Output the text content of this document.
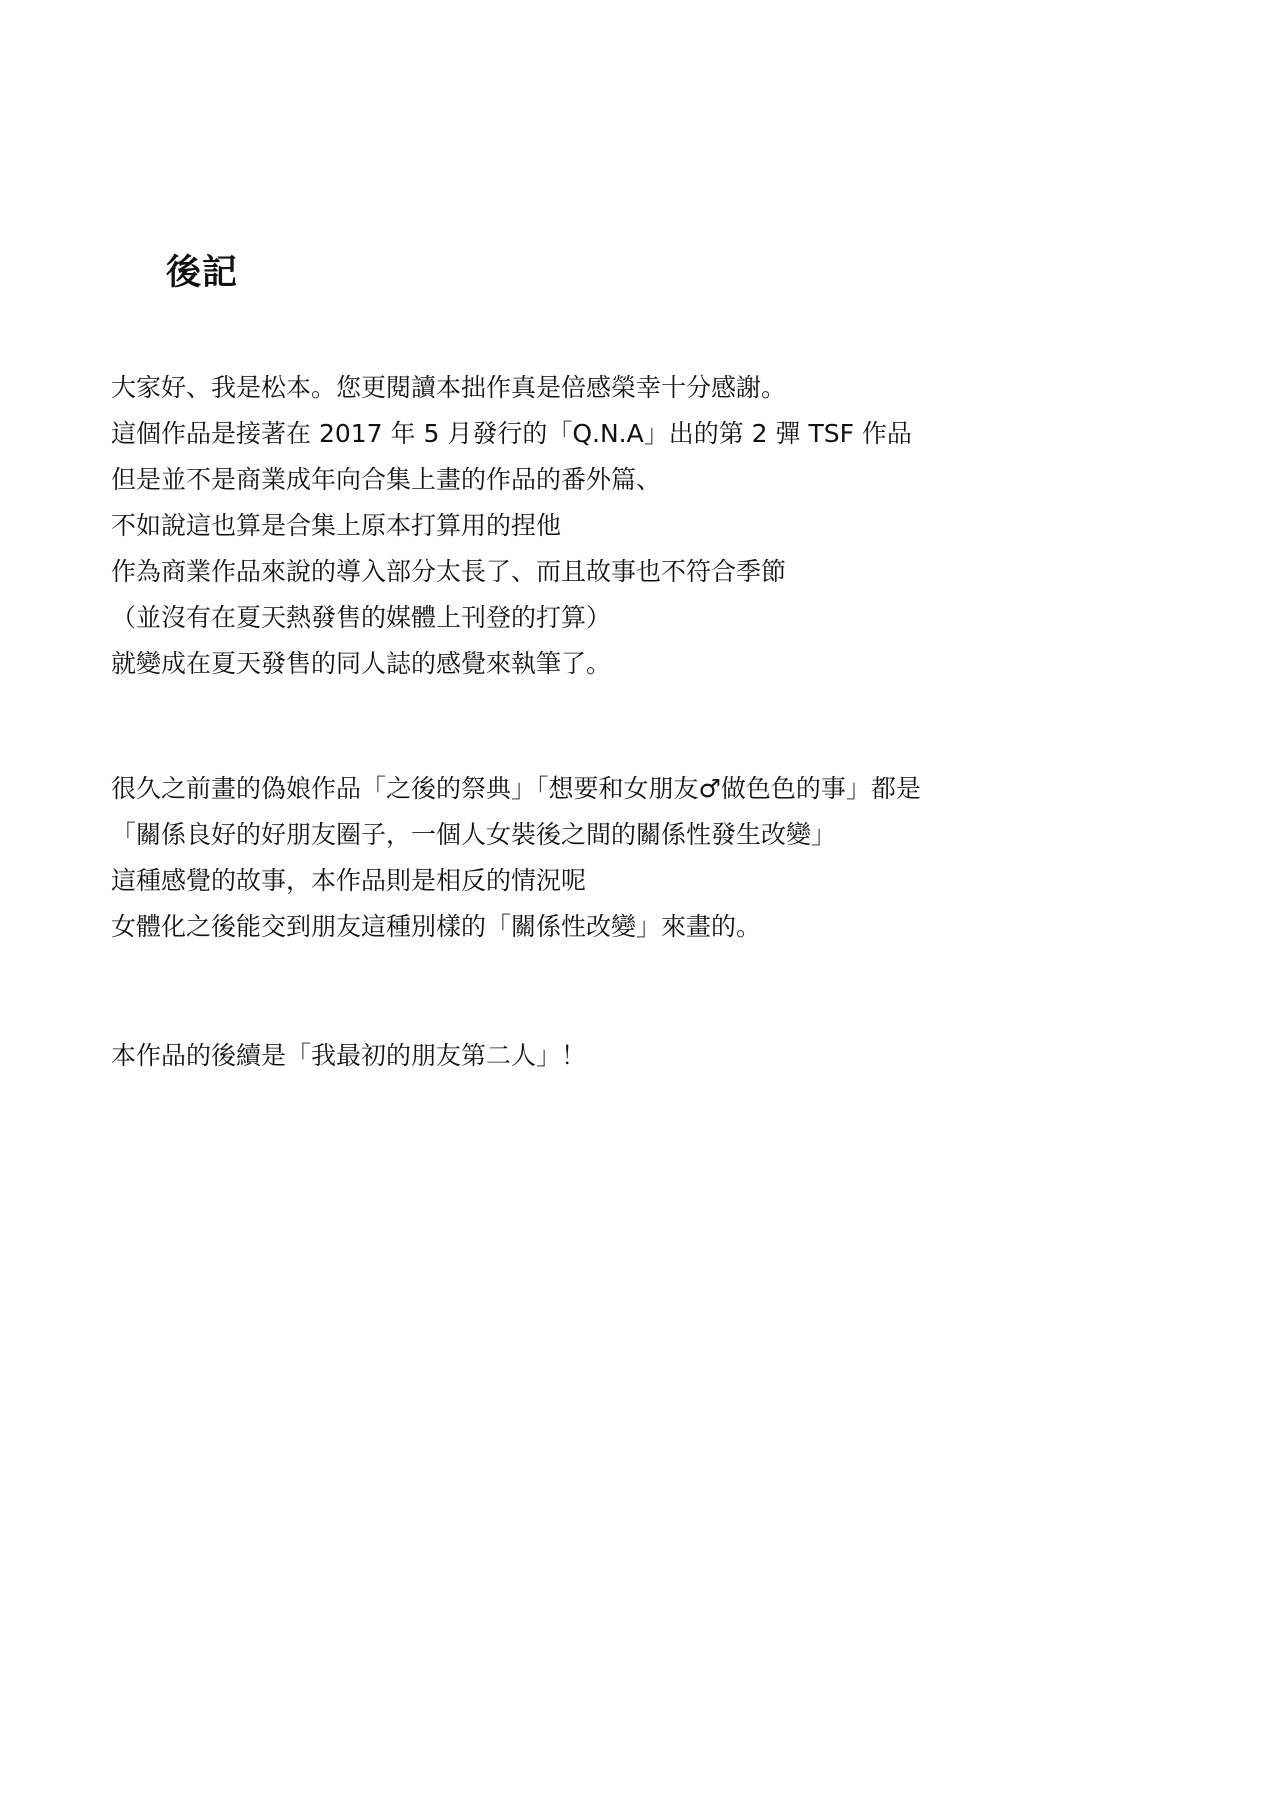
後記
大家好、我是松本。您更閱讀本拙作真是倍感榮幸十分感謝。
這個作品是接著在 2017 年 5 月發行的「Q.N.A」出的第 2 彈 TSF 作品
但是並不是商業成年向合集上畫的作品的番外篇、
不如說這也算是合集上原本打算用的捏他
作為商業作品來說的導入部分太長了、而且故事也不符合季節
（並沒有在夏天熱發售的媒體上刊登的打算）
就變成在夏天發售的同人誌的感覺來執筆了。
很久之前畫的偽娘作品「之後的祭典」「想要和女朋友♂做色色的事」都是
「關係良好的好朋友圈子，一個人女裝後之間的關係性發生改變」
這種感覺的故事，本作品則是相反的情況呢
女體化之後能交到朋友這種別樣的「關係性改變」來畫的。
本作品的後續是「我最初的朋友第二人」！
